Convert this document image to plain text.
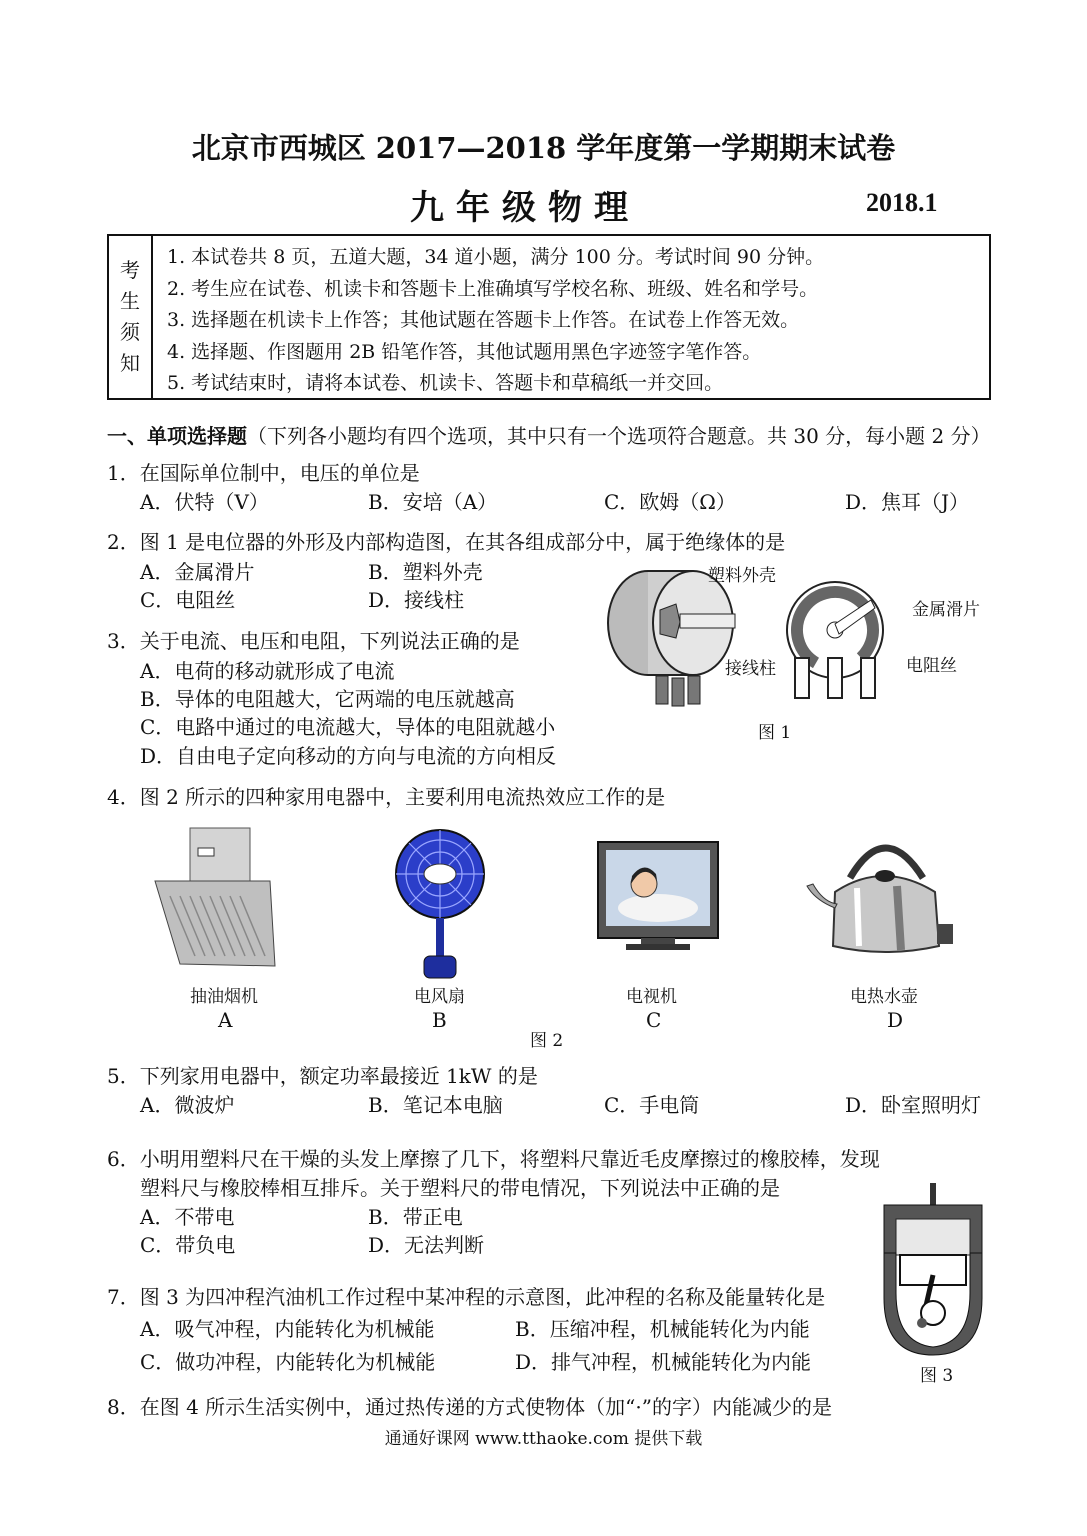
北京市西城区 2017—2018 学年度第一学期期末试卷
九年级物理	2018.1
考
生
须
知
1. 本试卷共 8 页，五道大题，34 道小题，满分 100 分。考试时间 90 分钟。
2. 考生应在试卷、机读卡和答题卡上准确填写学校名称、班级、姓名和学号。
3. 选择题在机读卡上作答；其他试题在答题卡上作答。在试卷上作答无效。
4. 选择题、作图题用 2B 铅笔作答，其他试题用黑色字迹签字笔作答。
5. 考试结束时，请将本试卷、机读卡、答题卡和草稿纸一并交回。
一、单项选择题（下列各小题均有四个选项，其中只有一个选项符合题意。共 30 分，每小题 2 分）
1．在国际单位制中，电压的单位是
A．伏特（V）	B．安培（A）	C．欧姆（Ω）	D．焦耳（J）
2．图 1 是电位器的外形及内部构造图，在其各组成部分中，属于绝缘体的是
A．金属滑片	B．塑料外壳
C．电阻丝	D．接线柱
3．关于电流、电压和电阻，下列说法正确的是
A．电荷的移动就形成了电流
B．导体的电阻越大，它两端的电压就越高
C．电路中通过的电流越大，导体的电阻就越小
D．自由电子定向移动的方向与电流的方向相反
塑料外壳
金属滑片
接线柱	电阻丝
图 1
4．图 2 所示的四种家用电器中，主要利用电流热效应工作的是
抽油烟机
A
电风扇
B
电视机
C
电热水壶
D
图 2
5．下列家用电器中，额定功率最接近 1kW 的是
A．微波炉	B．笔记本电脑	C．手电筒	D．卧室照明灯
6．小明用塑料尺在干燥的头发上摩擦了几下，将塑料尺靠近毛皮摩擦过的橡胶棒，发现
塑料尺与橡胶棒相互排斥。关于塑料尺的带电情况，下列说法中正确的是
A．不带电	B．带正电
C．带负电	D．无法判断
7．图 3 为四冲程汽油机工作过程中某冲程的示意图，此冲程的名称及能量转化是
A．吸气冲程，内能转化为机械能	B．压缩冲程，机械能转化为内能
C．做功冲程，内能转化为机械能	D．排气冲程，机械能转化为内能
图 3
8．在图 4 所示生活实例中，通过热传递的方式使物体（加“·”的字）内能减少的是
通通好课网 www.tthaoke.com 提供下载
